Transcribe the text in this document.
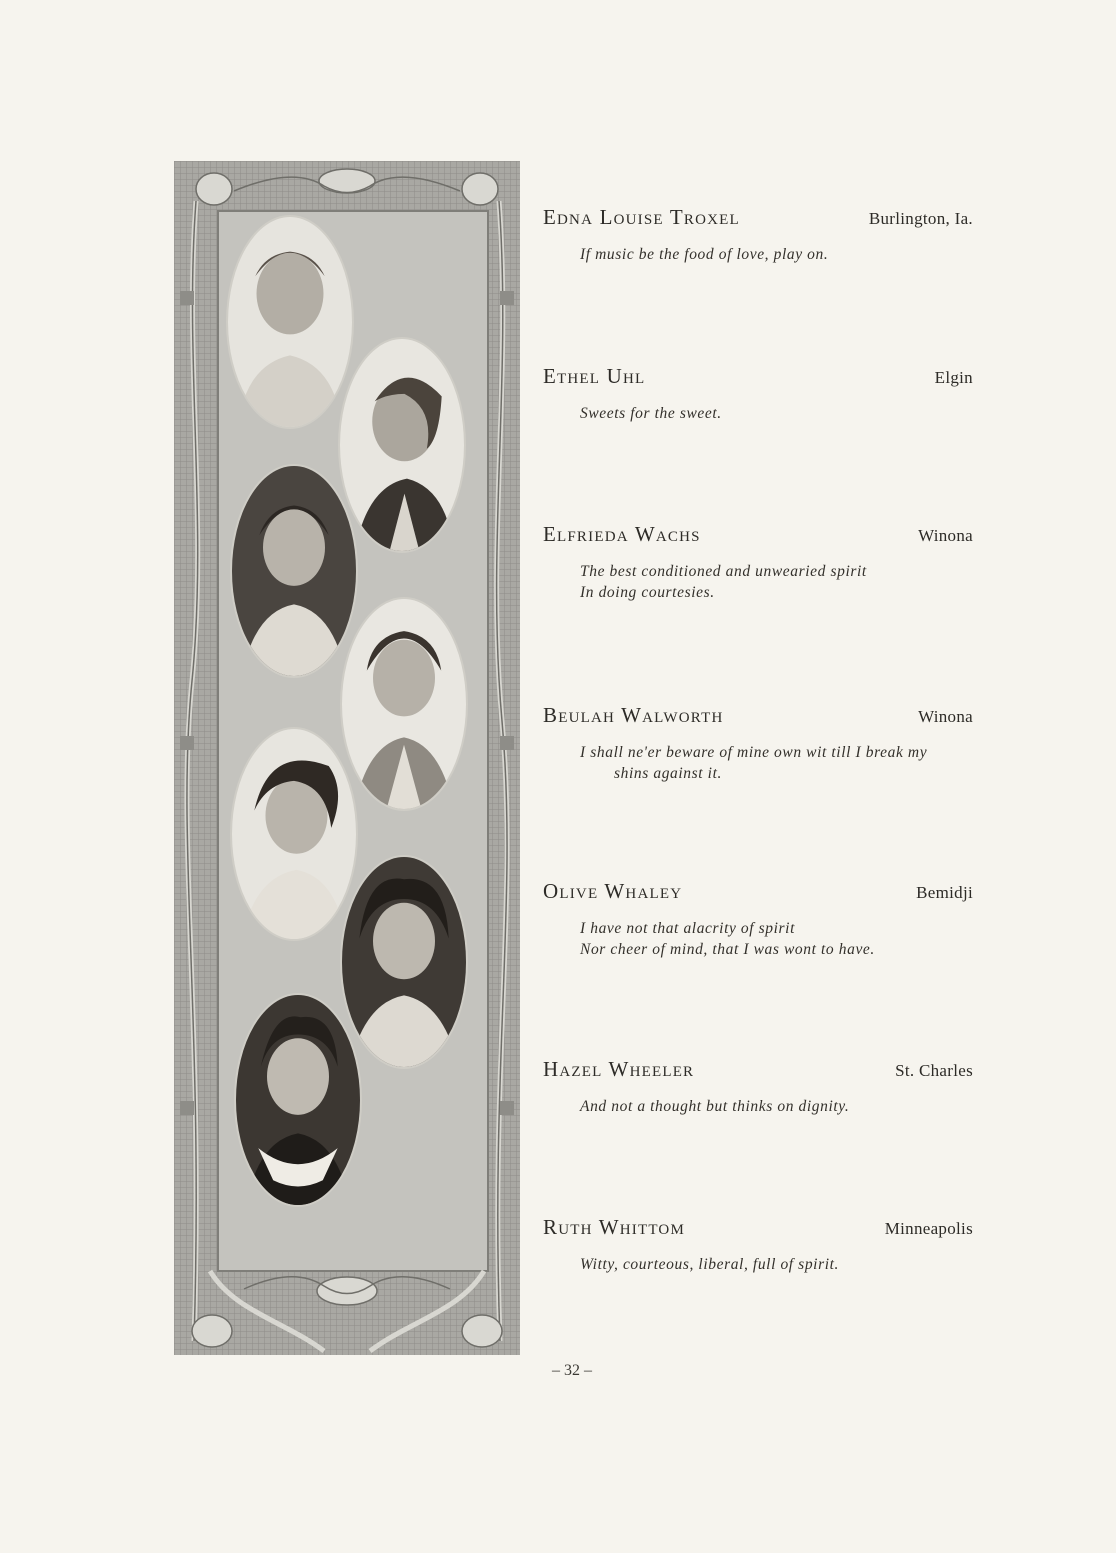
Edna Louise Troxel	Burlington, Ia.
If music be the food of love, play on.
Ethel Uhl	Elgin
Sweets for the sweet.
Elfrieda Wachs	Winona
The best conditioned and unwearied spirit
In doing courtesies.
Beulah Walworth	Winona
I shall ne'er beware of mine own wit till I break my
shins against it.
Olive Whaley	Bemidji
I have not that alacrity of spirit
Nor cheer of mind, that I was wont to have.
Hazel Wheeler	St. Charles
And not a thought but thinks on dignity.
Ruth Whittom	Minneapolis
Witty, courteous, liberal, full of spirit.
– 32 –
